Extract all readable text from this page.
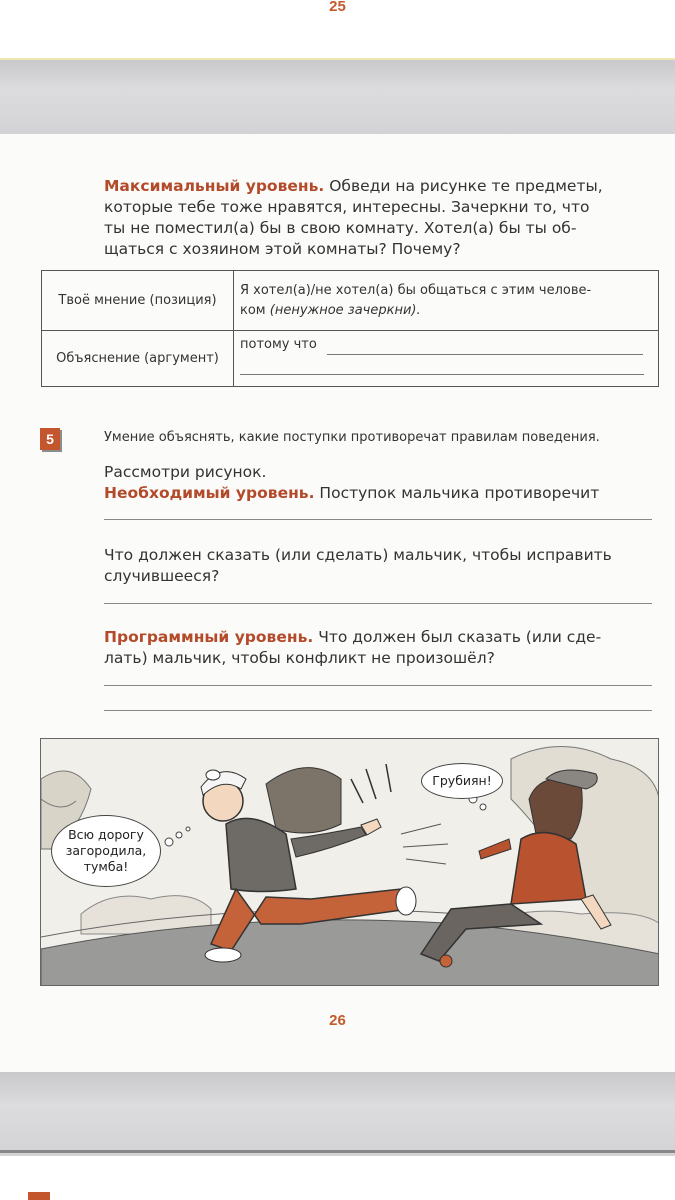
25
Максимальный уровень. Обведи на рисунке те предметы,
которые тебе тоже нравятся, интересны. Зачеркни то, что
ты не поместил(а) бы в свою комнату. Хотел(а) бы ты об-
щаться с хозяином этой комнаты? Почему?
Твоё мнение (позиция)	Я хотел(а)/не хотел(а) бы общаться с этим челове-
ком (ненужное зачеркни).
Объяснение (аргумент)	потому что

5	Умение объяснять, какие поступки противоречат правилам поведения.
Рассмотри рисунок.
Необходимый уровень. Поступок мальчика противоречит
Что должен сказать (или сделать) мальчик, чтобы исправить
случившееся?
Программный уровень. Что должен был сказать (или сде-
лать) мальчик, чтобы конфликт не произошёл?
Всю дорогу
загородила,
тумба!
Грубиян!
26
